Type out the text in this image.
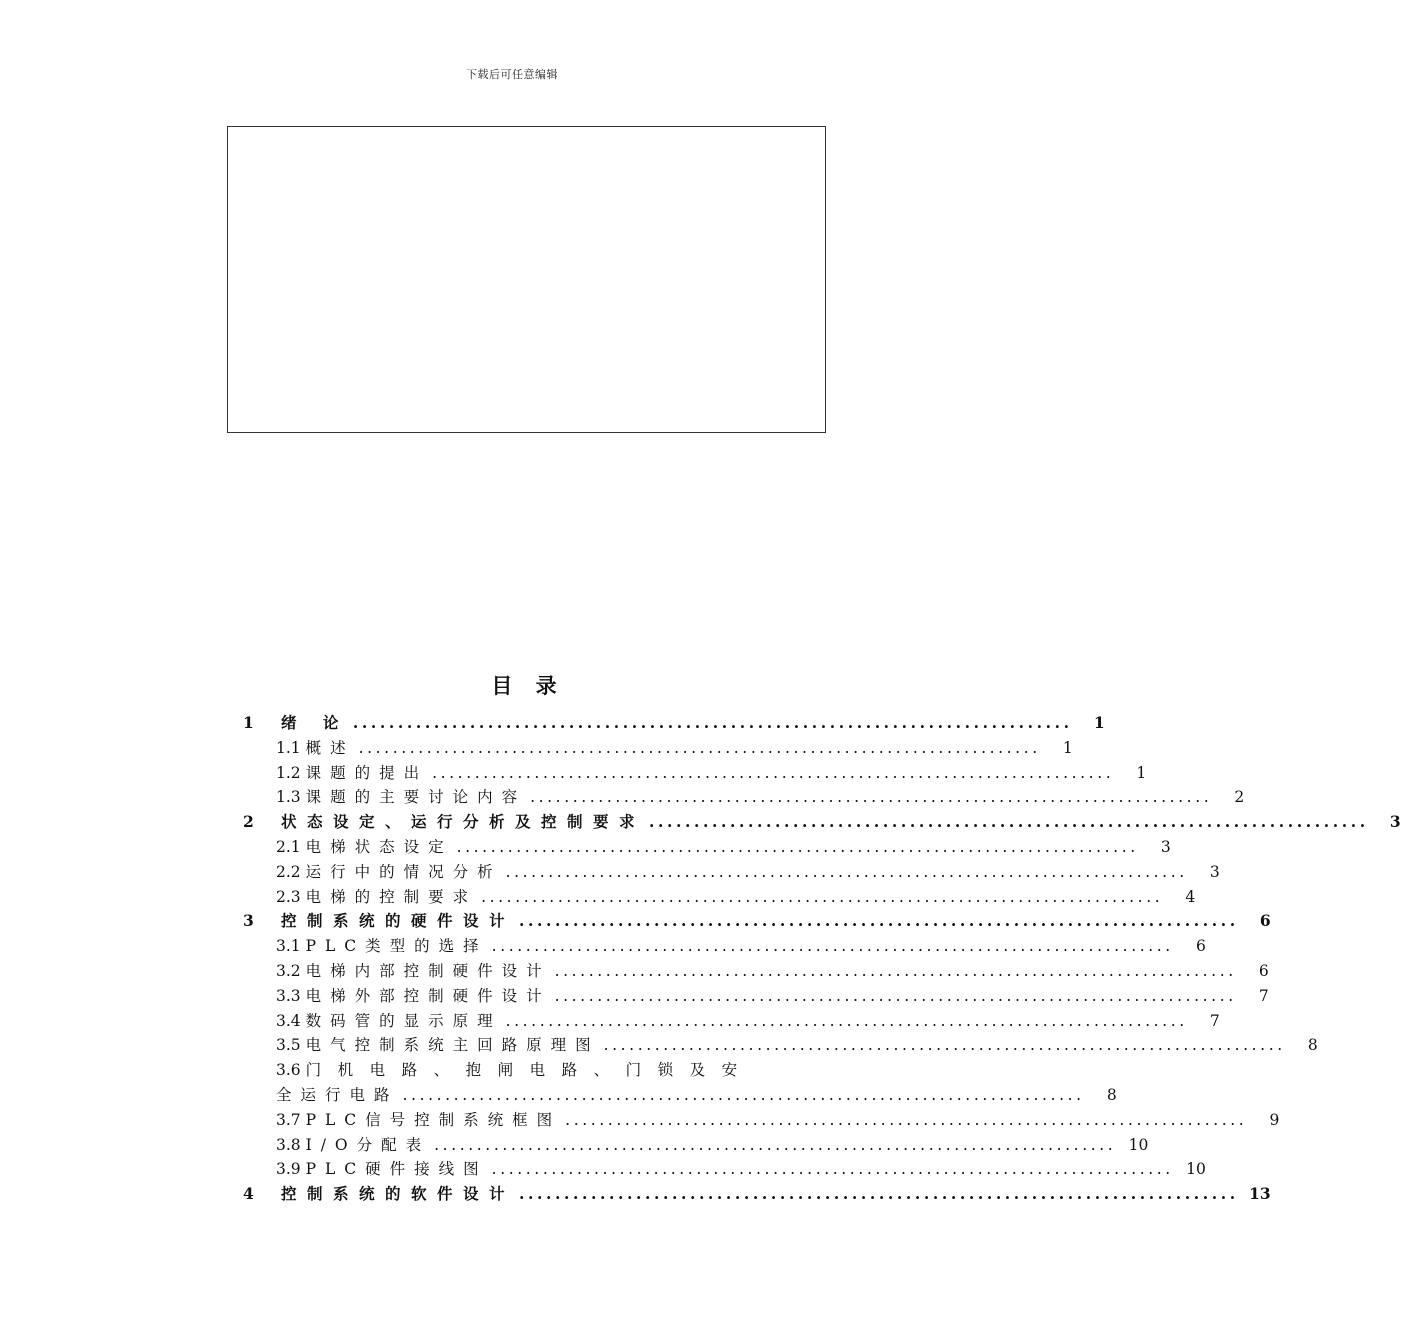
下载后可任意编辑
目 录
1	绪 论 ................................................................................	1
1.1 概述 ................................................................................	1
1.2 课题的提出 ................................................................................	1
1.3 课题的主要讨论内容 ................................................................................	2
2	状态设定、运行分析及控制要求 ................................................................................	3
2.1 电梯状态设定 ................................................................................	3
2.2 运行中的情况分析 ................................................................................	3
2.3 电梯的控制要求 ................................................................................	4
3	控制系统的硬件设计 ................................................................................	6
3.1 PLC类型的选择 ................................................................................	6
3.2 电梯内部控制硬件设计 ................................................................................	6
3.3 电梯外部控制硬件设计 ................................................................................	7
3.4 数码管的显示原理 ................................................................................	7
3.5 电气控制系统主回路原理图 ................................................................................	8
3.6 门机电路、抱闸电路、门锁及安
全运行电路 ................................................................................	8
3.7 PLC信号控制系统框图 ................................................................................	9
3.8 I/O分配表 ................................................................................ 10
3.9 PLC硬件接线图 ................................................................................ 10
4	控制系统的软件设计 ................................................................................ 13
